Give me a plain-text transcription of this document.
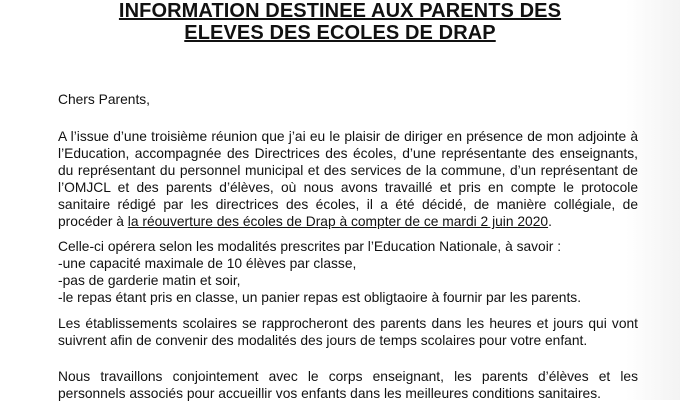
INFORMATION DESTINEE AUX PARENTS DES
ELEVES DES ECOLES DE DRAP

Chers Parents,

A l’issue d’une troisième réunion que j’ai eu le plaisir de diriger en présence de mon adjointe à l’Education, accompagnée des Directrices des écoles, d’une représentante des enseignants, du représentant du personnel municipal et des services de la commune, d’un représentant de l’OMJCL et des parents d’élèves, où nous avons travaillé et pris en compte le protocole sanitaire rédigé par les directrices des écoles, il a été décidé, de manière collégiale, de procéder à la réouverture des écoles de Drap à compter de ce mardi 2 juin 2020.

Celle-ci opérera selon les modalités prescrites par l’Education Nationale, à savoir :
-une capacité maximale de 10 élèves par classe,
-pas de garderie matin et soir,
-le repas étant pris en classe, un panier repas est obligtaoire à fournir par les parents.

Les établissements scolaires se rapprocheront des parents dans les heures et jours qui vont suivrent afin de convenir des modalités des jours de temps scolaires pour votre enfant.

Nous travaillons conjointement avec le corps enseignant, les parents d’élèves et les personnels associés pour accueillir vos enfants dans les meilleures conditions sanitaires.
